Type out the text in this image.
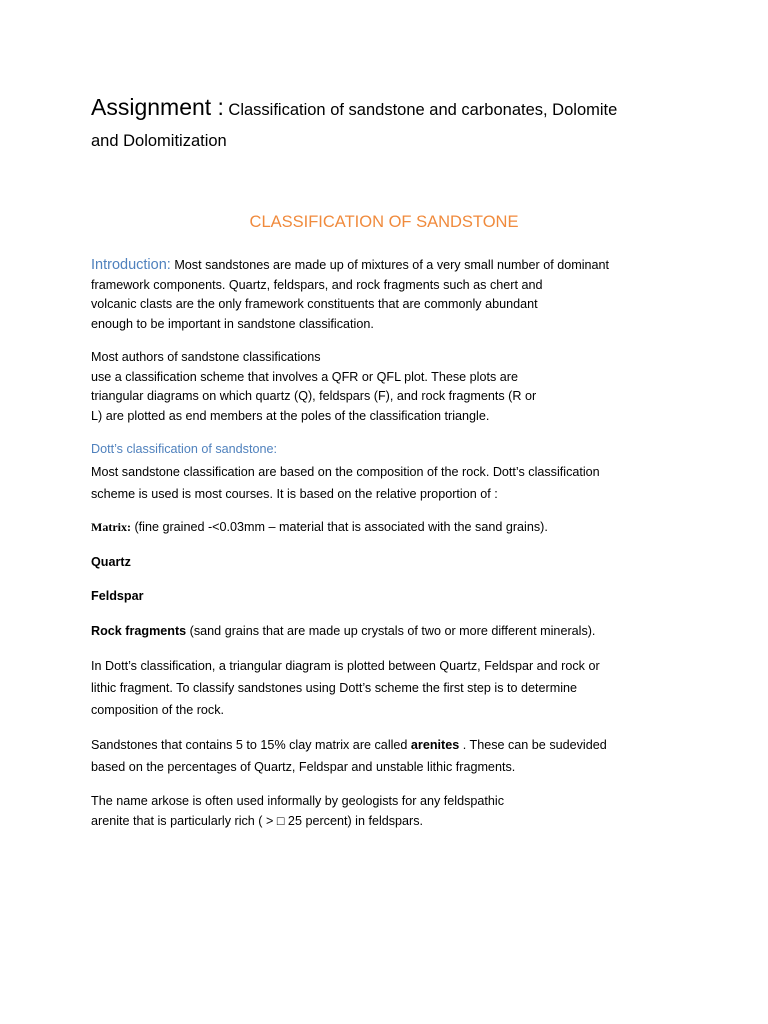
Assignment : Classification of sandstone and carbonates, Dolomite
and Dolomitization
CLASSIFICATION OF SANDSTONE

Introduction: Most sandstones are made up of mixtures of a very small number of dominant

framework components. Quartz, feldspars, and rock fragments such as chert and

volcanic clasts are the only framework constituents that are commonly abundant

enough to be important in sandstone classification.

Most authors of sandstone classifications

use a classification scheme that involves a QFR or QFL plot. These plots are

triangular diagrams on which quartz (Q), feldspars (F), and rock fragments (R or

L) are plotted as end members at the poles of the classification triangle.

Dott’s classification of sandstone:

Most sandstone classification are based on the composition of the rock. Dott’s classification

scheme is used is most courses. It is based on the relative proportion of :

Matrix: (fine grained -<0.03mm – material that is associated with the sand grains).

Quartz

Feldspar

Rock fragments (sand grains that are made up crystals of two or more different minerals).

In Dott’s classification, a triangular diagram is plotted between Quartz, Feldspar and rock or

lithic fragment. To classify sandstones using Dott’s scheme the first step is to determine

composition of the rock.

Sandstones that contains 5 to 15% clay matrix are called arenites . These can be sudevided

based on the percentages of Quartz, Feldspar and unstable lithic fragments.

The name arkose is often used informally by geologists for any feldspathic

arenite that is particularly rich ( > □ 25 percent) in feldspars.
